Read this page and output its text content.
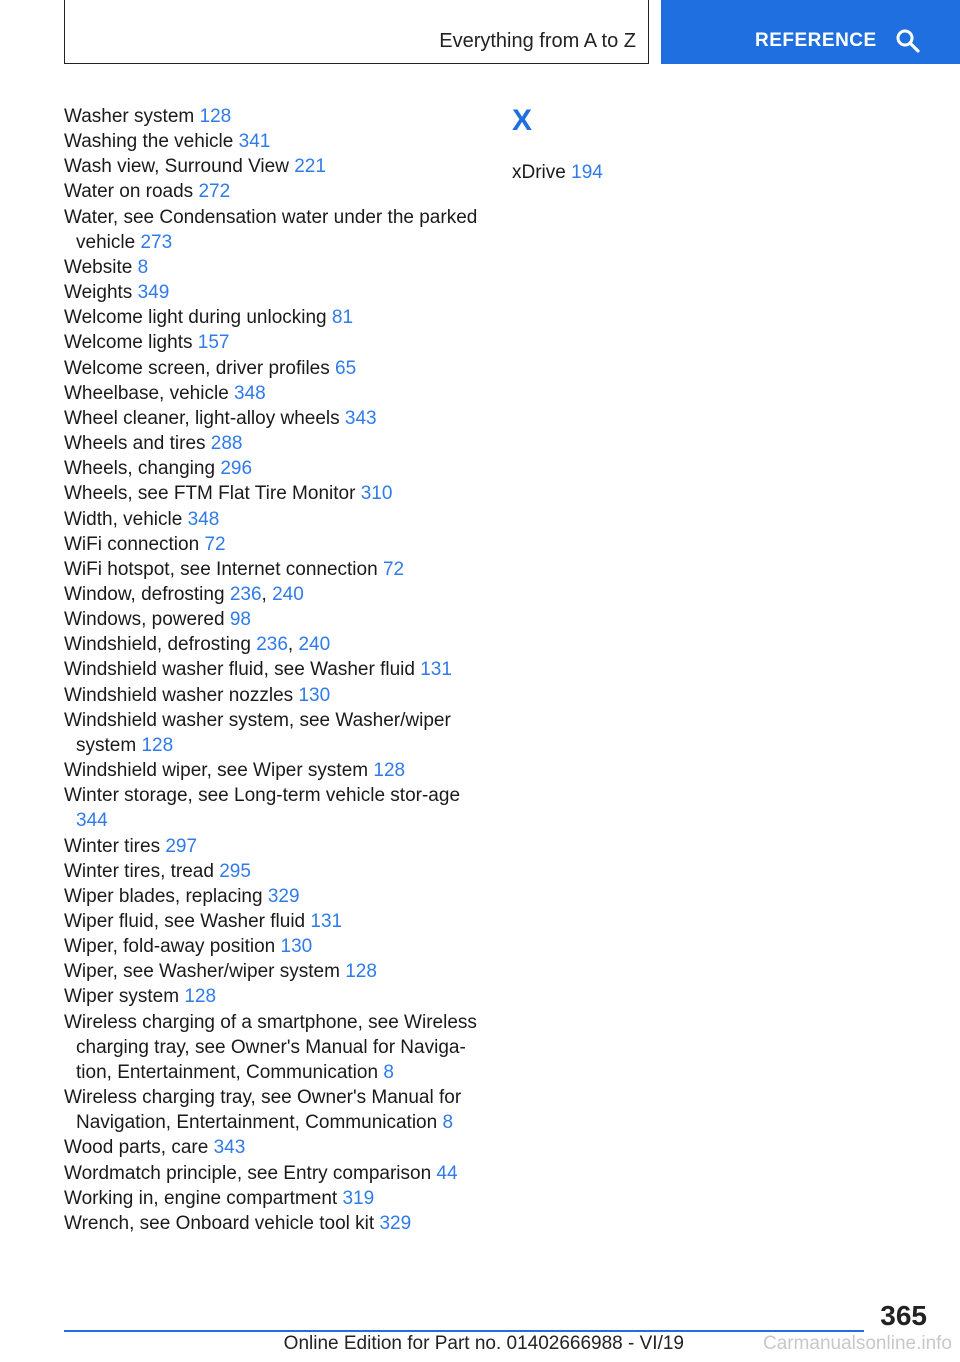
Everything from A to Z	REFERENCE
Washer system 128
Washing the vehicle 341
Wash view, Surround View 221
Water on roads 272
Water, see Condensation water under the parked vehicle 273
Website 8
Weights 349
Welcome light during unlocking 81
Welcome lights 157
Welcome screen, driver profiles 65
Wheelbase, vehicle 348
Wheel cleaner, light-alloy wheels 343
Wheels and tires 288
Wheels, changing 296
Wheels, see FTM Flat Tire Monitor 310
Width, vehicle 348
WiFi connection 72
WiFi hotspot, see Internet connection 72
Window, defrosting 236, 240
Windows, powered 98
Windshield, defrosting 236, 240
Windshield washer fluid, see Washer fluid 131
Windshield washer nozzles 130
Windshield washer system, see Washer/wiper system 128
Windshield wiper, see Wiper system 128
Winter storage, see Long-term vehicle stor-age 344
Winter tires 297
Winter tires, tread 295
Wiper blades, replacing 329
Wiper fluid, see Washer fluid 131
Wiper, fold-away position 130
Wiper, see Washer/wiper system 128
Wiper system 128
Wireless charging of a smartphone, see Wireless charging tray, see Owner's Manual for Naviga-tion, Entertainment, Communication 8
Wireless charging tray, see Owner's Manual for Navigation, Entertainment, Communication 8
Wood parts, care 343
Wordmatch principle, see Entry comparison 44
Working in, engine compartment 319
Wrench, see Onboard vehicle tool kit 329
X
xDrive 194
365
Online Edition for Part no. 01402666988 - VI/19	Carmanualsonline.info
